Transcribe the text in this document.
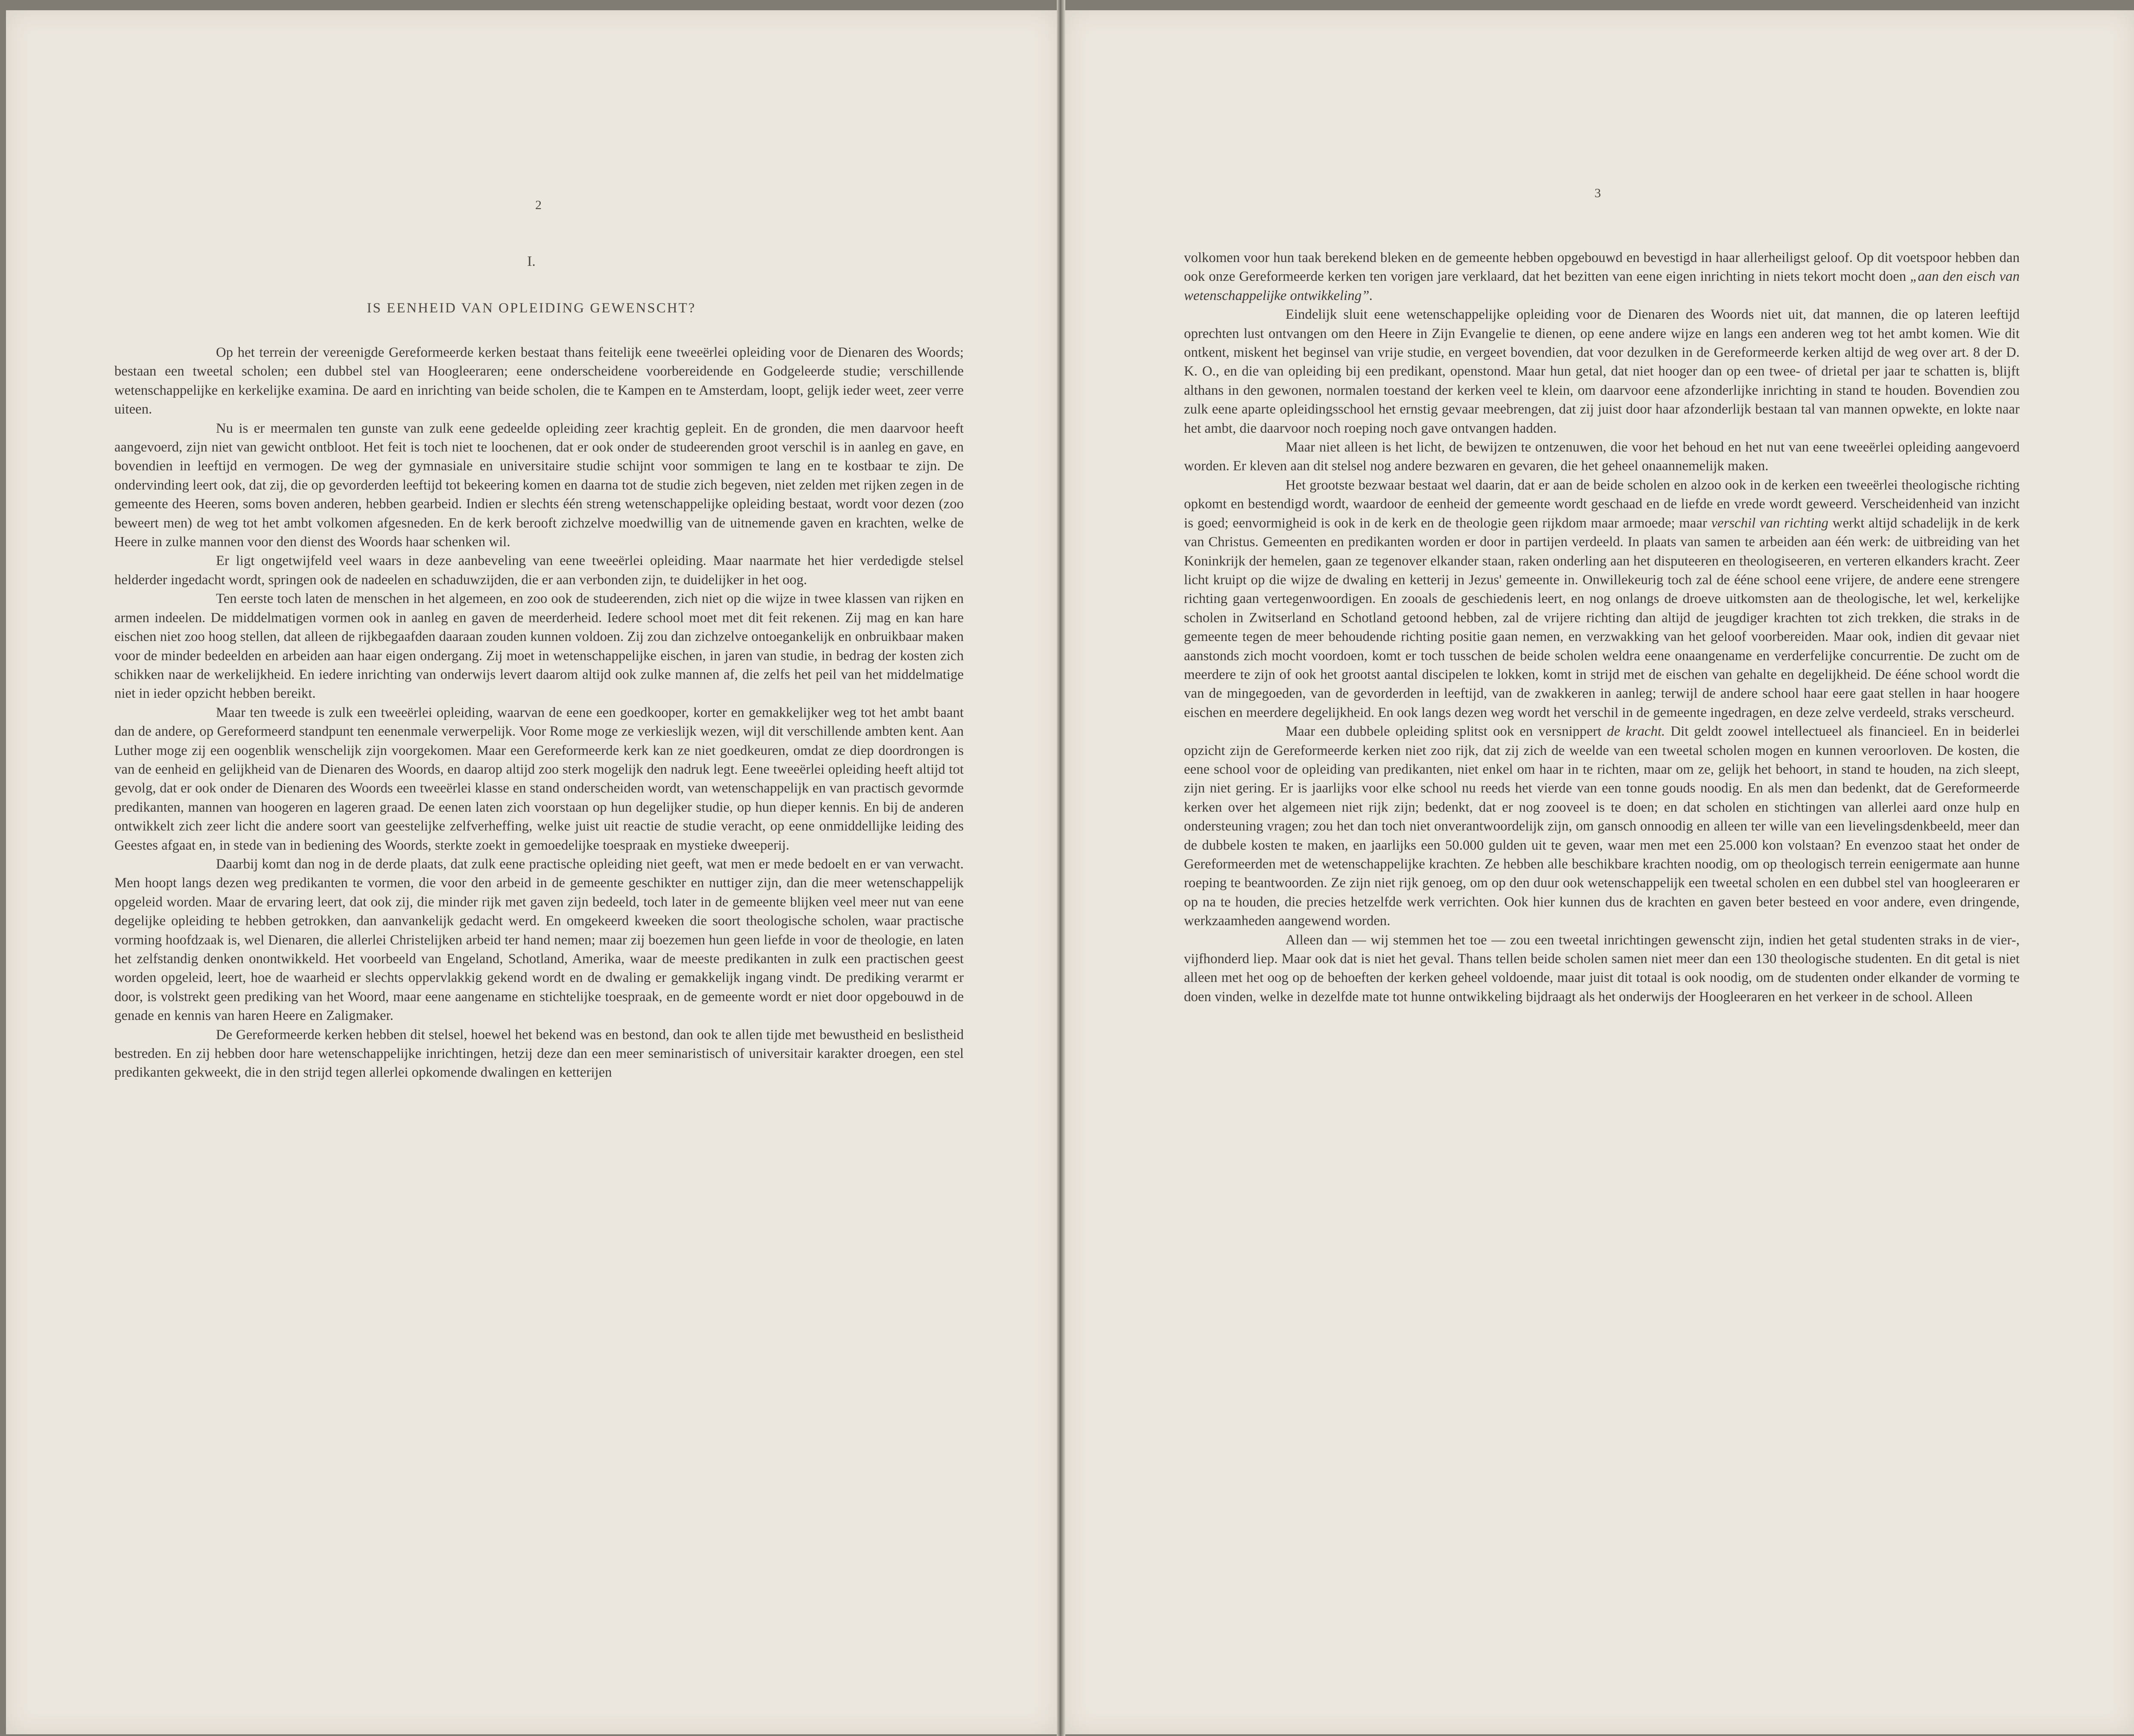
2
I.
IS EENHEID VAN OPLEIDING GEWENSCHT?

Op het terrein der vereenigde Gereformeerde kerken bestaat thans feitelijk eene tweeërlei opleiding voor de Dienaren des Woords; bestaan een tweetal scholen; een dubbel stel van Hoogleeraren; eene onderscheidene voorbereidende en Godgeleerde studie; verschillende wetenschappelijke en kerkelijke examina. De aard en inrichting van beide scholen, die te Kampen en te Amsterdam, loopt, gelijk ieder weet, zeer verre uiteen.

Nu is er meermalen ten gunste van zulk eene gedeelde opleiding zeer krachtig gepleit. En de gronden, die men daarvoor heeft aangevoerd, zijn niet van gewicht ontbloot. Het feit is toch niet te loochenen, dat er ook onder de studeerenden groot verschil is in aanleg en gave, en bovendien in leeftijd en vermogen. De weg der gymnasiale en universitaire studie schijnt voor sommigen te lang en te kostbaar te zijn. De ondervinding leert ook, dat zij, die op gevorderden leeftijd tot bekeering komen en daarna tot de studie zich begeven, niet zelden met rijken zegen in de gemeente des Heeren, soms boven anderen, hebben gearbeid. Indien er slechts één streng wetenschappelijke opleiding bestaat, wordt voor dezen (zoo beweert men) de weg tot het ambt volkomen afgesneden. En de kerk berooft zichzelve moedwillig van de uitnemende gaven en krachten, welke de Heere in zulke mannen voor den dienst des Woords haar schenken wil.

Er ligt ongetwijfeld veel waars in deze aanbeveling van eene tweeërlei opleiding. Maar naarmate het hier verdedigde stelsel helderder ingedacht wordt, springen ook de nadeelen en schaduwzijden, die er aan verbonden zijn, te duidelijker in het oog.

Ten eerste toch laten de menschen in het algemeen, en zoo ook de studeerenden, zich niet op die wijze in twee klassen van rijken en armen indeelen. De middelmatigen vormen ook in aanleg en gaven de meerderheid. Iedere school moet met dit feit rekenen. Zij mag en kan hare eischen niet zoo hoog stellen, dat alleen de rijkbegaafden daaraan zouden kunnen voldoen. Zij zou dan zichzelve ontoegankelijk en onbruikbaar maken voor de minder bedeelden en arbeiden aan haar eigen ondergang. Zij moet in wetenschappelijke eischen, in jaren van studie, in bedrag der kosten zich schikken naar de werkelijkheid. En iedere inrichting van onderwijs levert daarom altijd ook zulke mannen af, die zelfs het peil van het middelmatige niet in ieder opzicht hebben bereikt.

Maar ten tweede is zulk een tweeërlei opleiding, waarvan de eene een goedkooper, korter en gemakkelijker weg tot het ambt baant dan de andere, op Gereformeerd standpunt ten eenenmale verwerpelijk. Voor Rome moge ze verkieslijk wezen, wijl dit verschillende ambten kent. Aan Luther moge zij een oogenblik wenschelijk zijn voorgekomen. Maar een Gereformeerde kerk kan ze niet goedkeuren, omdat ze diep doordrongen is van de eenheid en gelijkheid van de Dienaren des Woords, en daarop altijd zoo sterk mogelijk den nadruk legt. Eene tweeërlei opleiding heeft altijd tot gevolg, dat er ook onder de Dienaren des Woords een tweeërlei klasse en stand onderscheiden wordt, van wetenschappelijk en van practisch gevormde predikanten, mannen van hoogeren en lageren graad. De eenen laten zich voorstaan op hun degelijker studie, op hun dieper kennis. En bij de anderen ontwikkelt zich zeer licht die andere soort van geestelijke zelfverheffing, welke juist uit reactie de studie veracht, op eene onmiddellijke leiding des Geestes afgaat en, in stede van in bediening des Woords, sterkte zoekt in gemoedelijke toespraak en mystieke dweeperij.

Daarbij komt dan nog in de derde plaats, dat zulk eene practische opleiding niet geeft, wat men er mede bedoelt en er van verwacht. Men hoopt langs dezen weg predikanten te vormen, die voor den arbeid in de gemeente geschikter en nuttiger zijn, dan die meer wetenschappelijk opgeleid worden. Maar de ervaring leert, dat ook zij, die minder rijk met gaven zijn bedeeld, toch later in de gemeente blijken veel meer nut van eene degelijke opleiding te hebben getrokken, dan aanvankelijk gedacht werd. En omgekeerd kweeken die soort theologische scholen, waar practische vorming hoofdzaak is, wel Dienaren, die allerlei Christelijken arbeid ter hand nemen; maar zij boezemen hun geen liefde in voor de theologie, en laten het zelfstandig denken onontwikkeld. Het voorbeeld van Engeland, Schotland, Amerika, waar de meeste predikanten in zulk een practischen geest worden opgeleid, leert, hoe de waarheid er slechts oppervlakkig gekend wordt en de dwaling er gemakkelijk ingang vindt. De prediking verarmt er door, is volstrekt geen prediking van het Woord, maar eene aangename en stichtelijke toespraak, en de gemeente wordt er niet door opgebouwd in de genade en kennis van haren Heere en Zaligmaker.

De Gereformeerde kerken hebben dit stelsel, hoewel het bekend was en bestond, dan ook te allen tijde met bewustheid en beslistheid bestreden. En zij hebben door hare wetenschappelijke inrichtingen, hetzij deze dan een meer seminaristisch of universitair karakter droegen, een stel predikanten gekweekt, die in den strijd tegen allerlei opkomende dwalingen en ketterijen

3

volkomen voor hun taak berekend bleken en de gemeente hebben opgebouwd en bevestigd in haar allerheiligst geloof. Op dit voetspoor hebben dan ook onze Gereformeerde kerken ten vorigen jare verklaard, dat het bezitten van eene eigen inrichting in niets tekort mocht doen „aan den eisch van wetenschappelijke ontwikkeling”.

Eindelijk sluit eene wetenschappelijke opleiding voor de Dienaren des Woords niet uit, dat mannen, die op lateren leeftijd oprechten lust ontvangen om den Heere in Zijn Evangelie te dienen, op eene andere wijze en langs een anderen weg tot het ambt komen. Wie dit ontkent, miskent het beginsel van vrije studie, en vergeet bovendien, dat voor dezulken in de Gereformeerde kerken altijd de weg over art. 8 der D. K. O., en die van opleiding bij een predikant, openstond. Maar hun getal, dat niet hooger dan op een twee- of drietal per jaar te schatten is, blijft althans in den gewonen, normalen toestand der kerken veel te klein, om daarvoor eene afzonderlijke inrichting in stand te houden. Bovendien zou zulk eene aparte opleidingsschool het ernstig gevaar meebrengen, dat zij juist door haar afzonderlijk bestaan tal van mannen opwekte, en lokte naar het ambt, die daarvoor noch roeping noch gave ontvangen hadden.

Maar niet alleen is het licht, de bewijzen te ontzenuwen, die voor het behoud en het nut van eene tweeërlei opleiding aangevoerd worden. Er kleven aan dit stelsel nog andere bezwaren en gevaren, die het geheel onaannemelijk maken.

Het grootste bezwaar bestaat wel daarin, dat er aan de beide scholen en alzoo ook in de kerken een tweeërlei theologische richting opkomt en bestendigd wordt, waardoor de eenheid der gemeente wordt geschaad en de liefde en vrede wordt geweerd. Verscheidenheid van inzicht is goed; eenvormigheid is ook in de kerk en de theologie geen rijkdom maar armoede; maar verschil van richting werkt altijd schadelijk in de kerk van Christus. Gemeenten en predikanten worden er door in partijen verdeeld. In plaats van samen te arbeiden aan één werk: de uitbreiding van het Koninkrijk der hemelen, gaan ze tegenover elkander staan, raken onderling aan het disputeeren en theologiseeren, en verteren elkanders kracht. Zeer licht kruipt op die wijze de dwaling en ketterij in Jezus' gemeente in. Onwillekeurig toch zal de ééne school eene vrijere, de andere eene strengere richting gaan vertegenwoordigen. En zooals de geschiedenis leert, en nog onlangs de droeve uitkomsten aan de theologische, let wel, kerkelijke scholen in Zwitserland en Schotland getoond hebben, zal de vrijere richting dan altijd de jeugdiger krachten tot zich trekken, die straks in de gemeente tegen de meer behoudende richting positie gaan nemen, en verzwakking van het geloof voorbereiden. Maar ook, indien dit gevaar niet aanstonds zich mocht voordoen, komt er toch tusschen de beide scholen weldra eene onaangename en verderfelijke concurrentie. De zucht om de meerdere te zijn of ook het grootst aantal discipelen te lokken, komt in strijd met de eischen van gehalte en degelijkheid. De ééne school wordt die van de mingegoeden, van de gevorderden in leeftijd, van de zwakkeren in aanleg; terwijl de andere school haar eere gaat stellen in haar hoogere eischen en meerdere degelijkheid. En ook langs dezen weg wordt het verschil in de gemeente ingedragen, en deze zelve verdeeld, straks verscheurd.

Maar een dubbele opleiding splitst ook en versnippert de kracht. Dit geldt zoowel intellectueel als financieel. En in beiderlei opzicht zijn de Gereformeerde kerken niet zoo rijk, dat zij zich de weelde van een tweetal scholen mogen en kunnen veroorloven. De kosten, die eene school voor de opleiding van predikanten, niet enkel om haar in te richten, maar om ze, gelijk het behoort, in stand te houden, na zich sleept, zijn niet gering. Er is jaarlijks voor elke school nu reeds het vierde van een tonne gouds noodig. En als men dan bedenkt, dat de Gereformeerde kerken over het algemeen niet rijk zijn; bedenkt, dat er nog zooveel is te doen; en dat scholen en stichtingen van allerlei aard onze hulp en ondersteuning vragen; zou het dan toch niet onverantwoordelijk zijn, om gansch onnoodig en alleen ter wille van een lievelingsdenkbeeld, meer dan de dubbele kosten te maken, en jaarlijks een 50.000 gulden uit te geven, waar men met een 25.000 kon volstaan? En evenzoo staat het onder de Gereformeerden met de wetenschappelijke krachten. Ze hebben alle beschikbare krachten noodig, om op theologisch terrein eenigermate aan hunne roeping te beantwoorden. Ze zijn niet rijk genoeg, om op den duur ook wetenschappelijk een tweetal scholen en een dubbel stel van hoogleeraren er op na te houden, die precies hetzelfde werk verrichten. Ook hier kunnen dus de krachten en gaven beter besteed en voor andere, even dringende, werkzaamheden aangewend worden.

Alleen dan — wij stemmen het toe — zou een tweetal inrichtingen gewenscht zijn, indien het getal studenten straks in de vier-, vijfhonderd liep. Maar ook dat is niet het geval. Thans tellen beide scholen samen niet meer dan een 130 theologische studenten. En dit getal is niet alleen met het oog op de behoeften der kerken geheel voldoende, maar juist dit totaal is ook noodig, om de studenten onder elkander de vorming te doen vinden, welke in dezelfde mate tot hunne ontwikkeling bijdraagt als het onderwijs der Hoogleeraren en het verkeer in de school. Alleen
